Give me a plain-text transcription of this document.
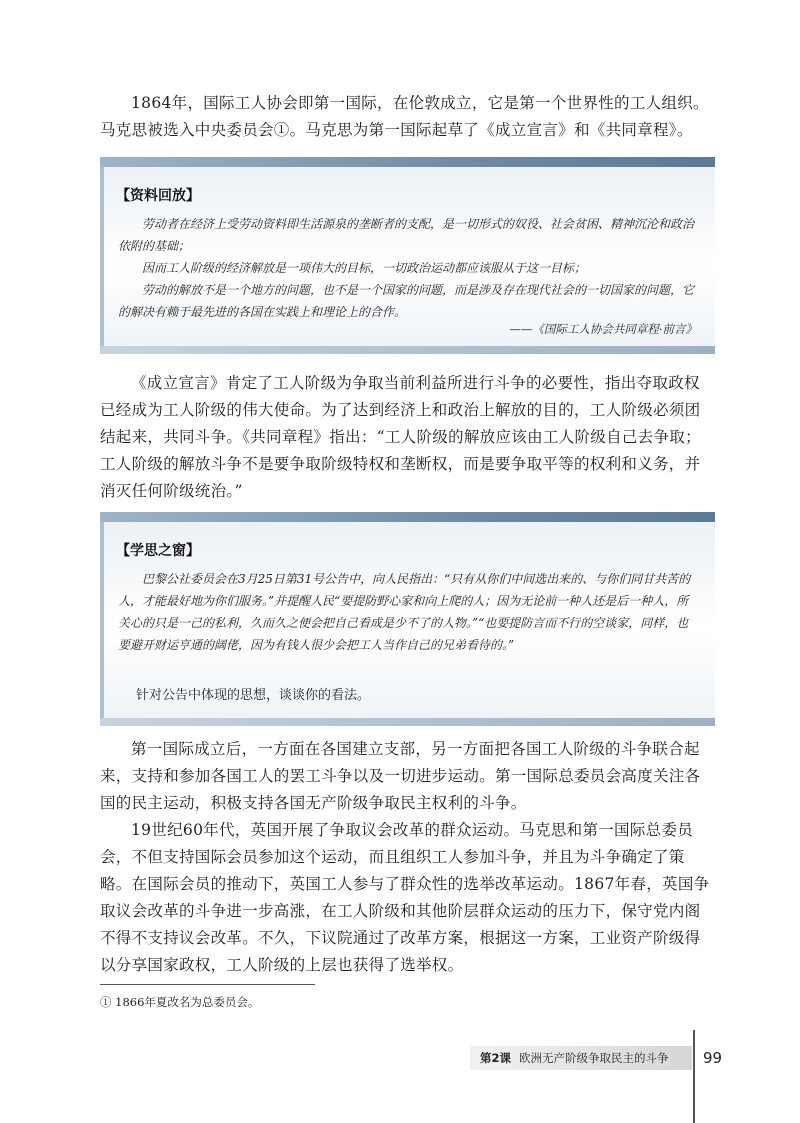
1864年，国际工人协会即第一国际，在伦敦成立，它是第一个世界性的工人组织。马克思被选入中央委员会①。马克思为第一国际起草了《成立宣言》和《共同章程》。

【资料回放】

劳动者在经济上受劳动资料即生活源泉的垄断者的支配，是一切形式的奴役、社会贫困、精神沉沦和政治依附的基础；

因而工人阶级的经济解放是一项伟大的目标，一切政治运动都应该服从于这一目标；

劳动的解放不是一个地方的问题，也不是一个国家的问题，而是涉及存在现代社会的一切国家的问题，它的解决有赖于最先进的各国在实践上和理论上的合作。

——《国际工人协会共同章程·前言》

《成立宣言》肯定了工人阶级为争取当前利益所进行斗争的必要性，指出夺取政权已经成为工人阶级的伟大使命。为了达到经济上和政治上解放的目的，工人阶级必须团结起来，共同斗争。《共同章程》指出：“工人阶级的解放应该由工人阶级自己去争取；工人阶级的解放斗争不是要争取阶级特权和垄断权，而是要争取平等的权利和义务，并消灭任何阶级统治。”

【学思之窗】

巴黎公社委员会在3月25日第31号公告中，向人民指出：“只有从你们中间选出来的、与你们同甘共苦的人，才能最好地为你们服务。”并提醒人民“要提防野心家和向上爬的人；因为无论前一种人还是后一种人，所关心的只是一己的私利，久而久之便会把自己看成是少不了的人物。”“也要提防言而不行的空谈家，同样，也要避开财运亨通的阔佬，因为有钱人很少会把工人当作自己的兄弟看待的。”

针对公告中体现的思想，谈谈你的看法。

第一国际成立后，一方面在各国建立支部，另一方面把各国工人阶级的斗争联合起来，支持和参加各国工人的罢工斗争以及一切进步运动。第一国际总委员会高度关注各国的民主运动，积极支持各国无产阶级争取民主权利的斗争。

19世纪60年代，英国开展了争取议会改革的群众运动。马克思和第一国际总委员会，不但支持国际会员参加这个运动，而且组织工人参加斗争，并且为斗争确定了策略。在国际会员的推动下，英国工人参与了群众性的选举改革运动。1867年春，英国争取议会改革的斗争进一步高涨，在工人阶级和其他阶层群众运动的压力下，保守党内阁不得不支持议会改革。不久，下议院通过了改革方案，根据这一方案，工业资产阶级得以分享国家政权，工人阶级的上层也获得了选举权。

① 1866年夏改名为总委员会。
第2课 欧洲无产阶级争取民主的斗争	99
